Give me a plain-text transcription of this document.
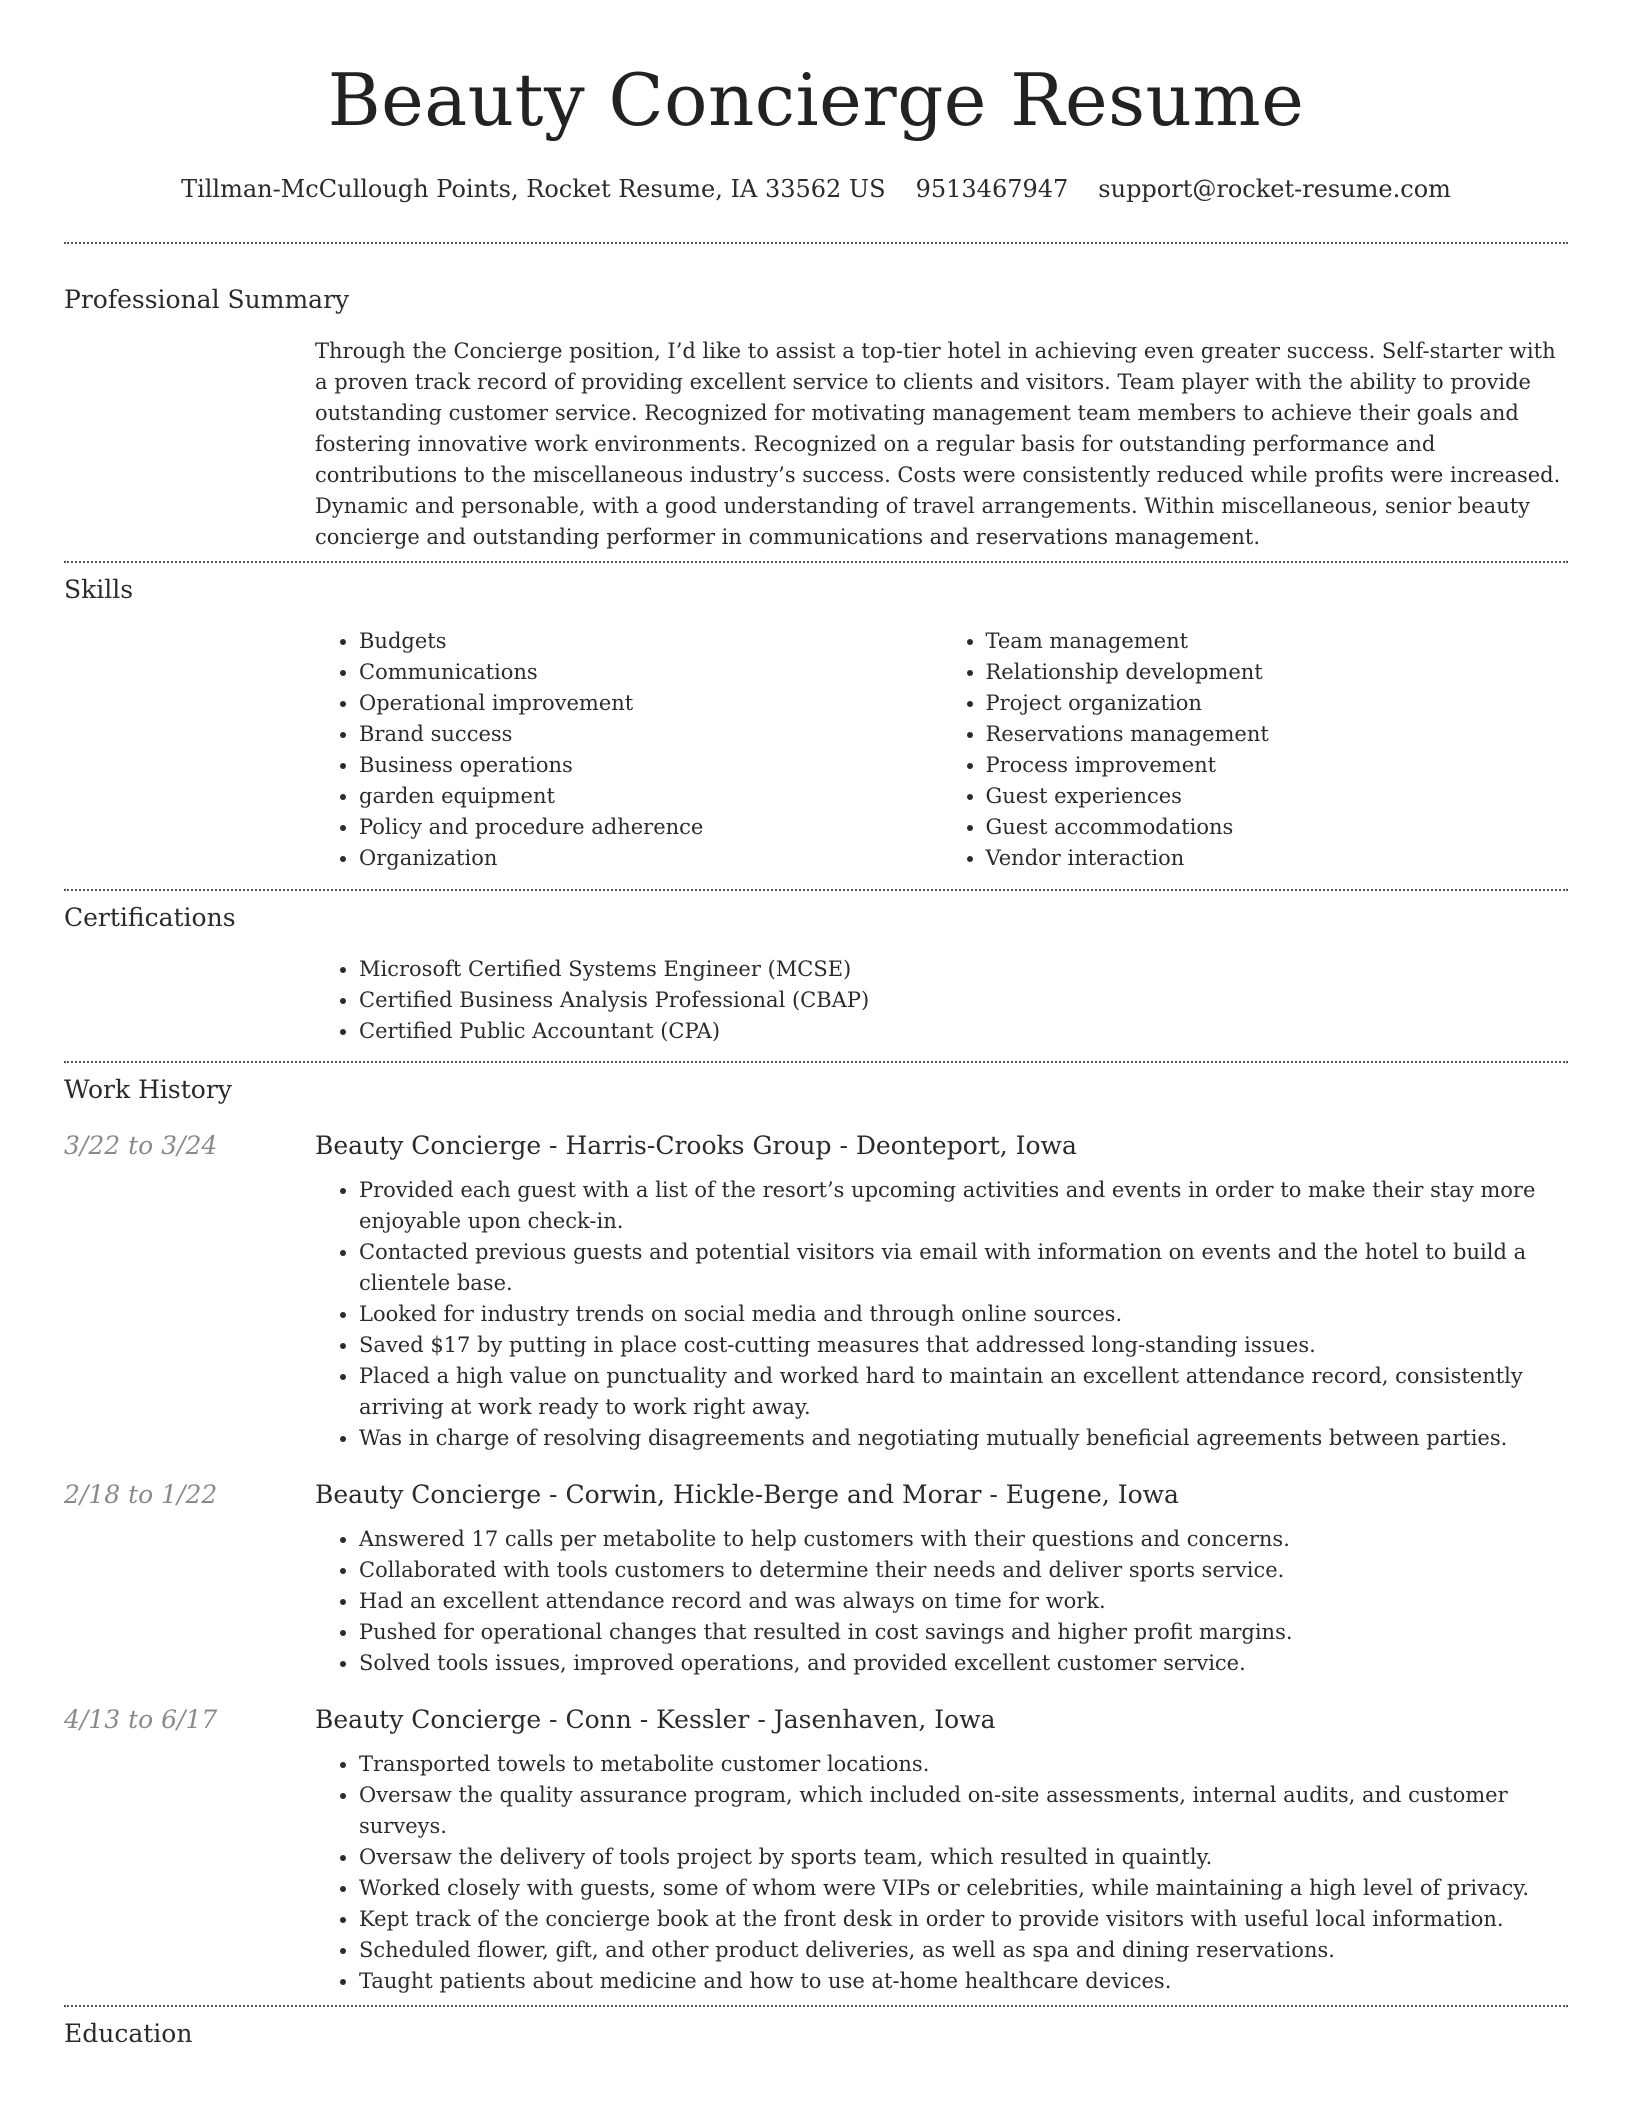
Beauty Concierge Resume
Tillman-McCullough Points, Rocket Resume, IA 33562 US 9513467947 support@rocket-resume.com
Professional Summary
Through the Concierge position, I’d like to assist a top-tier hotel in achieving even greater success. Self-starter with a proven track record of providing excellent service to clients and visitors. Team player with the ability to provide outstanding customer service. Recognized for motivating management team members to achieve their goals and fostering innovative work environments. Recognized on a regular basis for outstanding performance and contributions to the miscellaneous industry’s success. Costs were consistently reduced while profits were increased. Dynamic and personable, with a good understanding of travel arrangements. Within miscellaneous, senior beauty concierge and outstanding performer in communications and reservations management.
Skills
• Budgets
• Communications
• Operational improvement
• Brand success
• Business operations
• garden equipment
• Policy and procedure adherence
• Organization
• Team management
• Relationship development
• Project organization
• Reservations management
• Process improvement
• Guest experiences
• Guest accommodations
• Vendor interaction
Certifications
• Microsoft Certified Systems Engineer (MCSE)
• Certified Business Analysis Professional (CBAP)
• Certified Public Accountant (CPA)
Work History
3/22 to 3/24	Beauty Concierge - Harris-Crooks Group - Deonteport, Iowa
• Provided each guest with a list of the resort’s upcoming activities and events in order to make their stay more enjoyable upon check-in.
• Contacted previous guests and potential visitors via email with information on events and the hotel to build a clientele base.
• Looked for industry trends on social media and through online sources.
• Saved $17 by putting in place cost-cutting measures that addressed long-standing issues.
• Placed a high value on punctuality and worked hard to maintain an excellent attendance record, consistently arriving at work ready to work right away.
• Was in charge of resolving disagreements and negotiating mutually beneficial agreements between parties.
2/18 to 1/22	Beauty Concierge - Corwin, Hickle-Berge and Morar - Eugene, Iowa
• Answered 17 calls per metabolite to help customers with their questions and concerns.
• Collaborated with tools customers to determine their needs and deliver sports service.
• Had an excellent attendance record and was always on time for work.
• Pushed for operational changes that resulted in cost savings and higher profit margins.
• Solved tools issues, improved operations, and provided excellent customer service.
4/13 to 6/17	Beauty Concierge - Conn - Kessler - Jasenhaven, Iowa
• Transported towels to metabolite customer locations.
• Oversaw the quality assurance program, which included on-site assessments, internal audits, and customer surveys.
• Oversaw the delivery of tools project by sports team, which resulted in quaintly.
• Worked closely with guests, some of whom were VIPs or celebrities, while maintaining a high level of privacy.
• Kept track of the concierge book at the front desk in order to provide visitors with useful local information.
• Scheduled flower, gift, and other product deliveries, as well as spa and dining reservations.
• Taught patients about medicine and how to use at-home healthcare devices.
Education
